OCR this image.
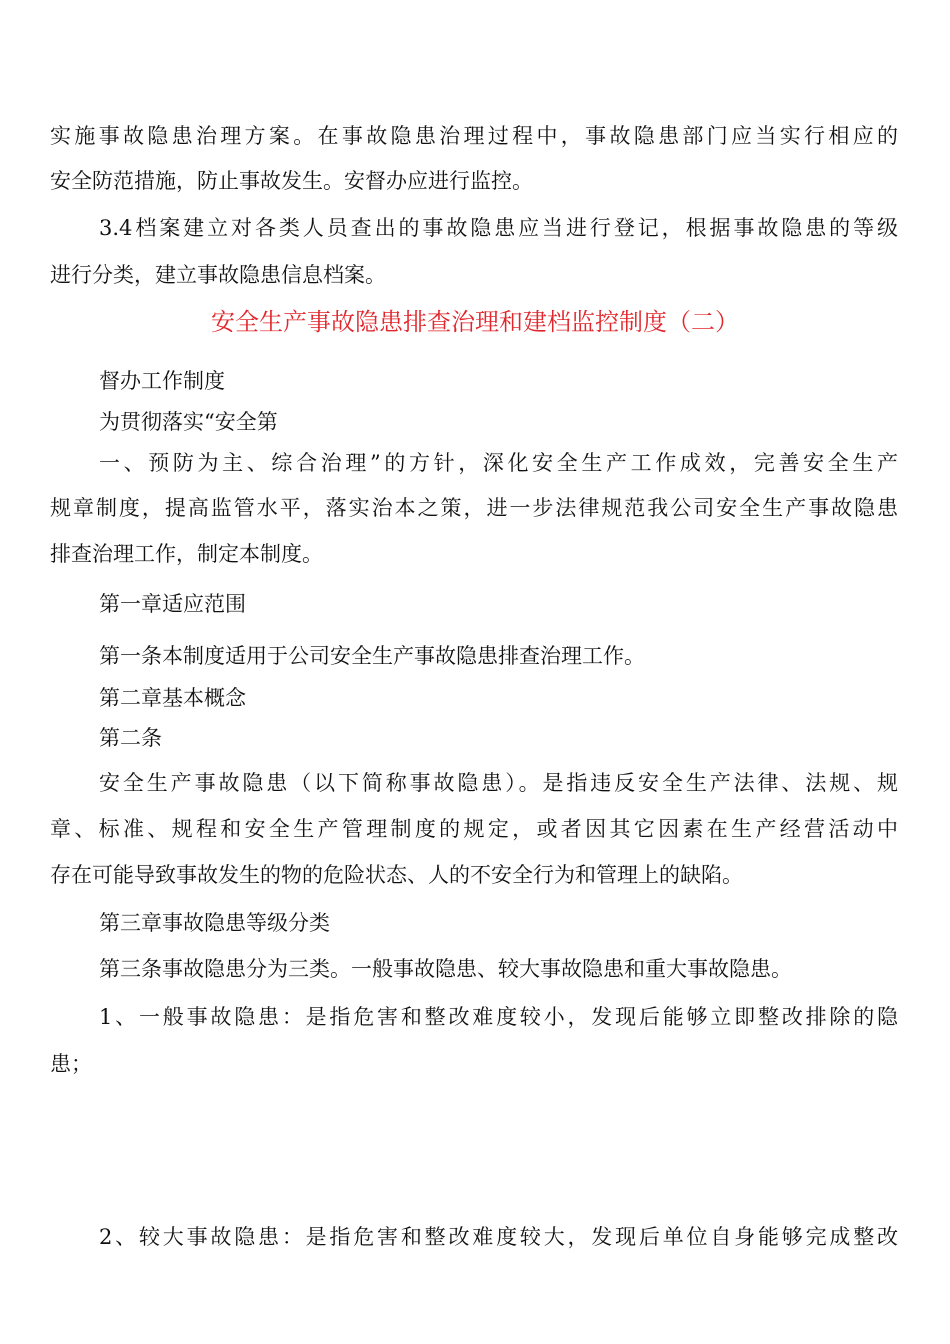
实施事故隐患治理方案。在事故隐患治理过程中，事故隐患部门应当实行相应的
安全防范措施，防止事故发生。安督办应进行监控。
3.4档案建立对各类人员查出的事故隐患应当进行登记，根据事故隐患的等级
进行分类，建立事故隐患信息档案。
安全生产事故隐患排查治理和建档监控制度（二）
督办工作制度
为贯彻落实“安全第
一、预防为主、综合治理”的方针，深化安全生产工作成效，完善安全生产
规章制度，提高监管水平，落实治本之策，进一步法律规范我公司安全生产事故隐患
排查治理工作，制定本制度。
第一章适应范围
第一条本制度适用于公司安全生产事故隐患排查治理工作。
第二章基本概念
第二条
安全生产事故隐患（以下简称事故隐患）。是指违反安全生产法律、法规、规
章、标准、规程和安全生产管理制度的规定，或者因其它因素在生产经营活动中
存在可能导致事故发生的物的危险状态、人的不安全行为和管理上的缺陷。
第三章事故隐患等级分类
第三条事故隐患分为三类。一般事故隐患、较大事故隐患和重大事故隐患。
1、一般事故隐患：是指危害和整改难度较小，发现后能够立即整改排除的隐
患；
2、较大事故隐患：是指危害和整改难度较大，发现后单位自身能够完成整改
